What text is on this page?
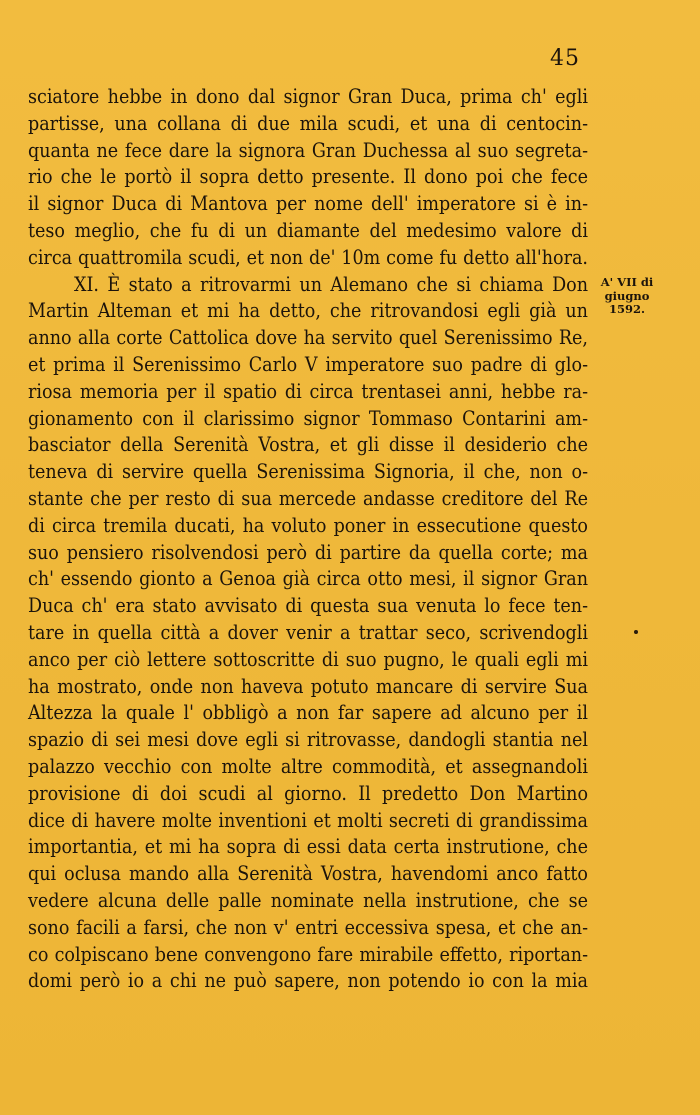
45
sciatore hebbe in dono dal signor Gran Duca, prima ch' egli
partisse, una collana di due mila scudi, et una di centocin-
quanta ne fece dare la signora Gran Duchessa al suo segreta-
rio che le portò il sopra detto presente. Il dono poi che fece
il signor Duca di Mantova per nome dell' imperatore si è in-
teso meglio, che fu di un diamante del medesimo valore di
circa quattromila scudi, et non de' 10m come fu detto all'hora.
XI. È stato a ritrovarmi un Alemano che si chiama Don
Martin Alteman et mi ha detto, che ritrovandosi egli già un
anno alla corte Cattolica dove ha servito quel Serenissimo Re,
et prima il Serenissimo Carlo V imperatore suo padre di glo-
riosa memoria per il spatio di circa trentasei anni, hebbe ra-
gionamento con il clarissimo signor Tommaso Contarini am-
basciator della Serenità Vostra, et gli disse il desiderio che
teneva di servire quella Serenissima Signoria, il che, non o-
stante che per resto di sua mercede andasse creditore del Re
di circa tremila ducati, ha voluto poner in essecutione questo
suo pensiero risolvendosi però di partire da quella corte; ma
ch' essendo gionto a Genoa già circa otto mesi, il signor Gran
Duca ch' era stato avvisato di questa sua venuta lo fece ten-
tare in quella città a dover venir a trattar seco, scrivendogli
anco per ciò lettere sottoscritte di suo pugno, le quali egli mi
ha mostrato, onde non haveva potuto mancare di servire Sua
Altezza la quale l' obbligò a non far sapere ad alcuno per il
spazio di sei mesi dove egli si ritrovasse, dandogli stantia nel
palazzo vecchio con molte altre commodità, et assegnandoli
provisione di doi scudi al giorno. Il predetto Don Martino
dice di havere molte inventioni et molti secreti di grandissima
importantia, et mi ha sopra di essi data certa instrutione, che
qui oclusa mando alla Serenità Vostra, havendomi anco fatto
vedere alcuna delle palle nominate nella instrutione, che se
sono facili a farsi, che non v' entri eccessiva spesa, et che an-
co colpiscano bene convengono fare mirabile effetto, riportan-
domi però io a chi ne può sapere, non potendo io con la mia
A' VII di
giugno
1592.
